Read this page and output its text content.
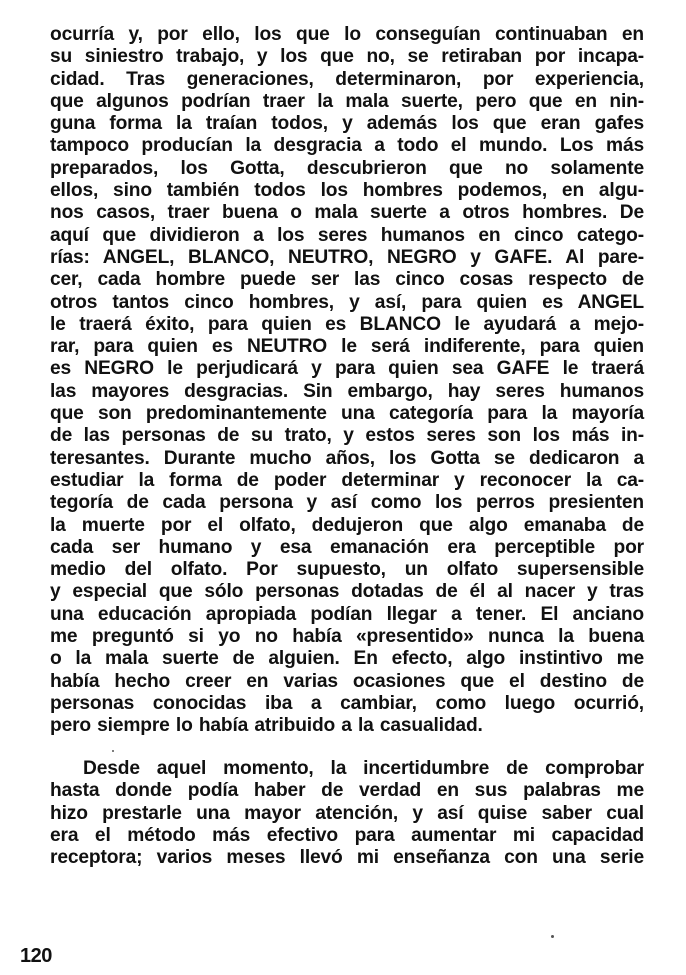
ocurría y, por ello, los que lo conseguían continuaban en
su siniestro trabajo, y los que no, se retiraban por incapa-
cidad. Tras generaciones, determinaron, por experiencia,
que algunos podrían traer la mala suerte, pero que en nin-
guna forma la traían todos, y además los que eran gafes
tampoco producían la desgracia a todo el mundo. Los más
preparados, los Gotta, descubrieron que no solamente
ellos, sino también todos los hombres podemos, en algu-
nos casos, traer buena o mala suerte a otros hombres. De
aquí que dividieron a los seres humanos en cinco catego-
rías: ANGEL, BLANCO, NEUTRO, NEGRO y GAFE. Al pare-
cer, cada hombre puede ser las cinco cosas respecto de
otros tantos cinco hombres, y así, para quien es ANGEL
le traerá éxito, para quien es BLANCO le ayudará a mejo-
rar, para quien es NEUTRO le será indiferente, para quien
es NEGRO le perjudicará y para quien sea GAFE le traerá
las mayores desgracias. Sin embargo, hay seres humanos
que son predominantemente una categoría para la mayoría
de las personas de su trato, y estos seres son los más in-
teresantes. Durante mucho años, los Gotta se dedicaron a
estudiar la forma de poder determinar y reconocer la ca-
tegoría de cada persona y así como los perros presienten
la muerte por el olfato, dedujeron que algo emanaba de
cada ser humano y esa emanación era perceptible por
medio del olfato. Por supuesto, un olfato supersensible
y especial que sólo personas dotadas de él al nacer y tras
una educación apropiada podían llegar a tener. El anciano
me preguntó si yo no había «presentido» nunca la buena
o la mala suerte de alguien. En efecto, algo instintivo me
había hecho creer en varias ocasiones que el destino de
personas conocidas iba a cambiar, como luego ocurrió,
pero siempre lo había atribuido a la casualidad.
Desde aquel momento, la incertidumbre de comprobar
hasta donde podía haber de verdad en sus palabras me
hizo prestarle una mayor atención, y así quise saber cual
era el método más efectivo para aumentar mi capacidad
receptora; varios meses llevó mi enseñanza con una serie
120
